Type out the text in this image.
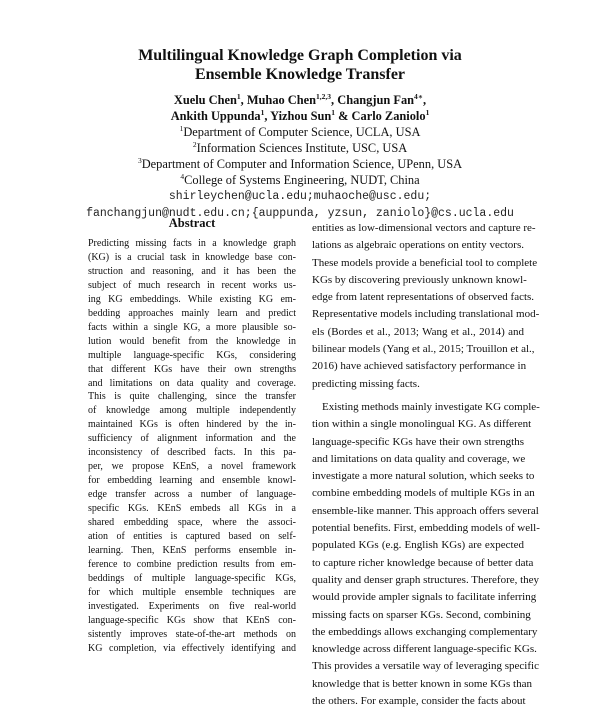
Multilingual Knowledge Graph Completion via
Ensemble Knowledge Transfer
Xuelu Chen$^1$, Muhao Chen$^{1,2,3}$, Changjun Fan$^{4∗}$,
Ankith Uppunda$^1$, Yizhou Sun$^1$ & Carlo Zaniolo$^1$
$^1$Department of Computer Science, UCLA, USA
$^2$Information Sciences Institute, USC, USA
$^3$Department of Computer and Information Science, UPenn, USA
$^4$College of Systems Engineering, NUDT, China
shirleychen@ucla.edu;muhaoche@usc.edu;
fanchangjun@nudt.edu.cn;{auppunda, yzsun, zaniolo}@cs.ucla.edu
Abstract
Predicting missing facts in a knowledge graph
(KG) is a crucial task in knowledge base con-
struction and reasoning, and it has been the
subject of much research in recent works us-
ing KG embeddings. While existing KG em-
bedding approaches mainly learn and predict
facts within a single KG, a more plausible so-
lution would benefit from the knowledge in
multiple language-specific KGs, considering
that different KGs have their own strengths
and limitations on data quality and coverage.
This is quite challenging, since the transfer
of knowledge among multiple independently
maintained KGs is often hindered by the in-
sufficiency of alignment information and the
inconsistency of described facts. In this pa-
per, we propose KEnS, a novel framework
for embedding learning and ensemble knowl-
edge transfer across a number of language-
specific KGs. KEnS embeds all KGs in a
shared embedding space, where the associ-
ation of entities is captured based on self-
learning. Then, KEnS performs ensemble in-
ference to combine prediction results from em-
beddings of multiple language-specific KGs,
for which multiple ensemble techniques are
investigated. Experiments on five real-world
language-specific KGs show that KEnS con-
sistently improves state-of-the-art methods on
KG completion, via effectively identifying and
entities as low-dimensional vectors and capture re-
lations as algebraic operations on entity vectors.
These models provide a beneficial tool to complete
KGs by discovering previously unknown knowl-
edge from latent representations of observed facts.
Representative models including translational mod-
els (Bordes et al., 2013; Wang et al., 2014) and
bilinear models (Yang et al., 2015; Trouillon et al.,
2016) have achieved satisfactory performance in
predicting missing facts.
Existing methods mainly investigate KG comple-
tion within a single monolingual KG. As different
language-specific KGs have their own strengths
and limitations on data quality and coverage, we
investigate a more natural solution, which seeks to
combine embedding models of multiple KGs in an
ensemble-like manner. This approach offers several
potential benefits. First, embedding models of well-
populated KGs (e.g. English KGs) are expected
to capture richer knowledge because of better data
quality and denser graph structures. Therefore, they
would provide ampler signals to facilitate inferring
missing facts on sparser KGs. Second, combining
the embeddings allows exchanging complementary
knowledge across different language-specific KGs.
This provides a versatile way of leveraging specific
knowledge that is better known in some KGs than
the others. For example, consider the facts about
